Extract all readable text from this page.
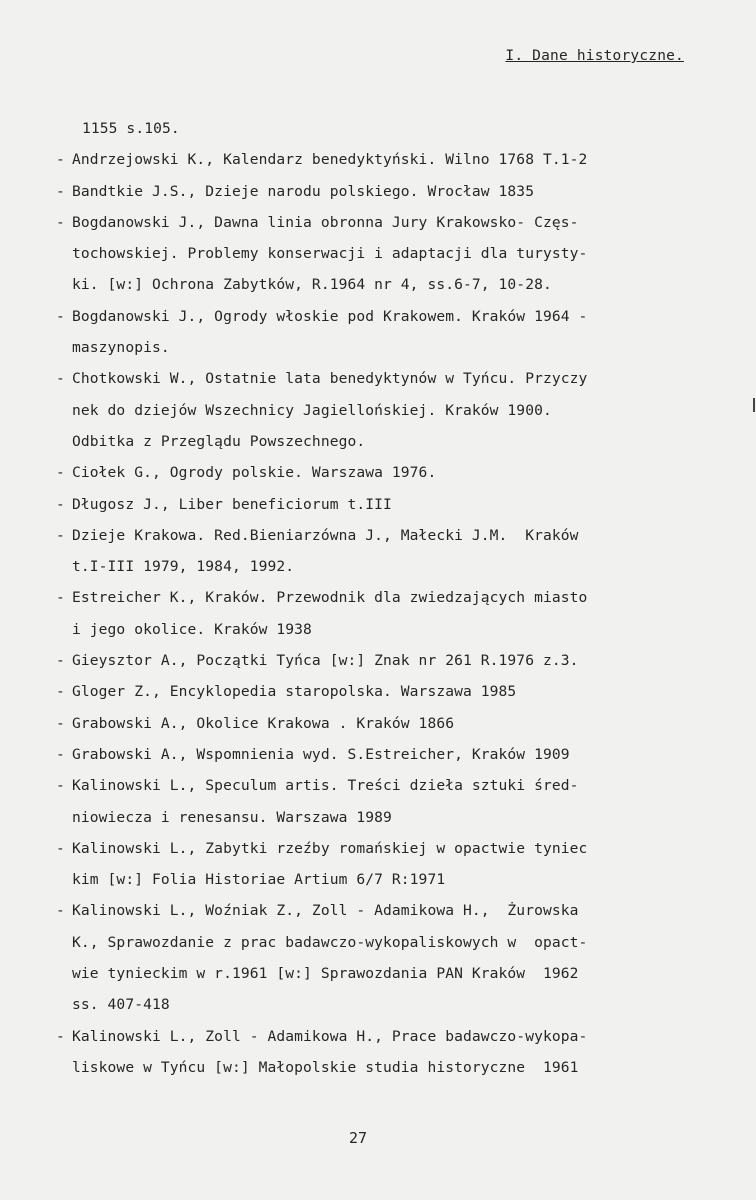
I. Dane historyczne.
1155 s.105.
- Andrzejowski K., Kalendarz benedyktyński. Wilno 1768 T.1-2
- Bandtkie J.S., Dzieje narodu polskiego. Wrocław 1835
- Bogdanowski J., Dawna linia obronna Jury Krakowsko- Częs-
tochowskiej. Problemy konserwacji i adaptacji dla turysty-
ki. [w:] Ochrona Zabytków, R.1964 nr 4, ss.6-7, 10-28.
- Bogdanowski J., Ogrody włoskie pod Krakowem. Kraków 1964 -
maszynopis.
- Chotkowski W., Ostatnie lata benedyktynów w Tyńcu. Przyczy
nek do dziejów Wszechnicy Jagiellońskiej. Kraków 1900.
Odbitka z Przeglądu Powszechnego.
- Ciołek G., Ogrody polskie. Warszawa 1976.
- Długosz J., Liber beneficiorum t.III
- Dzieje Krakowa. Red.Bieniarzówna J., Małecki J.M.  Kraków
t.I-III 1979, 1984, 1992.
- Estreicher K., Kraków. Przewodnik dla zwiedzających miasto
i jego okolice. Kraków 1938
- Gieysztor A., Początki Tyńca [w:] Znak nr 261 R.1976 z.3.
- Gloger Z., Encyklopedia staropolska. Warszawa 1985
- Grabowski A., Okolice Krakowa . Kraków 1866
- Grabowski A., Wspomnienia wyd. S.Estreicher, Kraków 1909
- Kalinowski L., Speculum artis. Treści dzieła sztuki śred-
niowiecza i renesansu. Warszawa 1989
- Kalinowski L., Zabytki rzeźby romańskiej w opactwie tyniec
kim [w:] Folia Historiae Artium 6/7 R:1971
- Kalinowski L., Woźniak Z., Zoll - Adamikowa H.,  Żurowska
K., Sprawozdanie z prac badawczo-wykopaliskowych w  opact-
wie tynieckim w r.1961 [w:] Sprawozdania PAN Kraków  1962
ss. 407-418
- Kalinowski L., Zoll - Adamikowa H., Prace badawczo-wykopa-
liskowe w Tyńcu [w:] Małopolskie studia historyczne  1961
27
